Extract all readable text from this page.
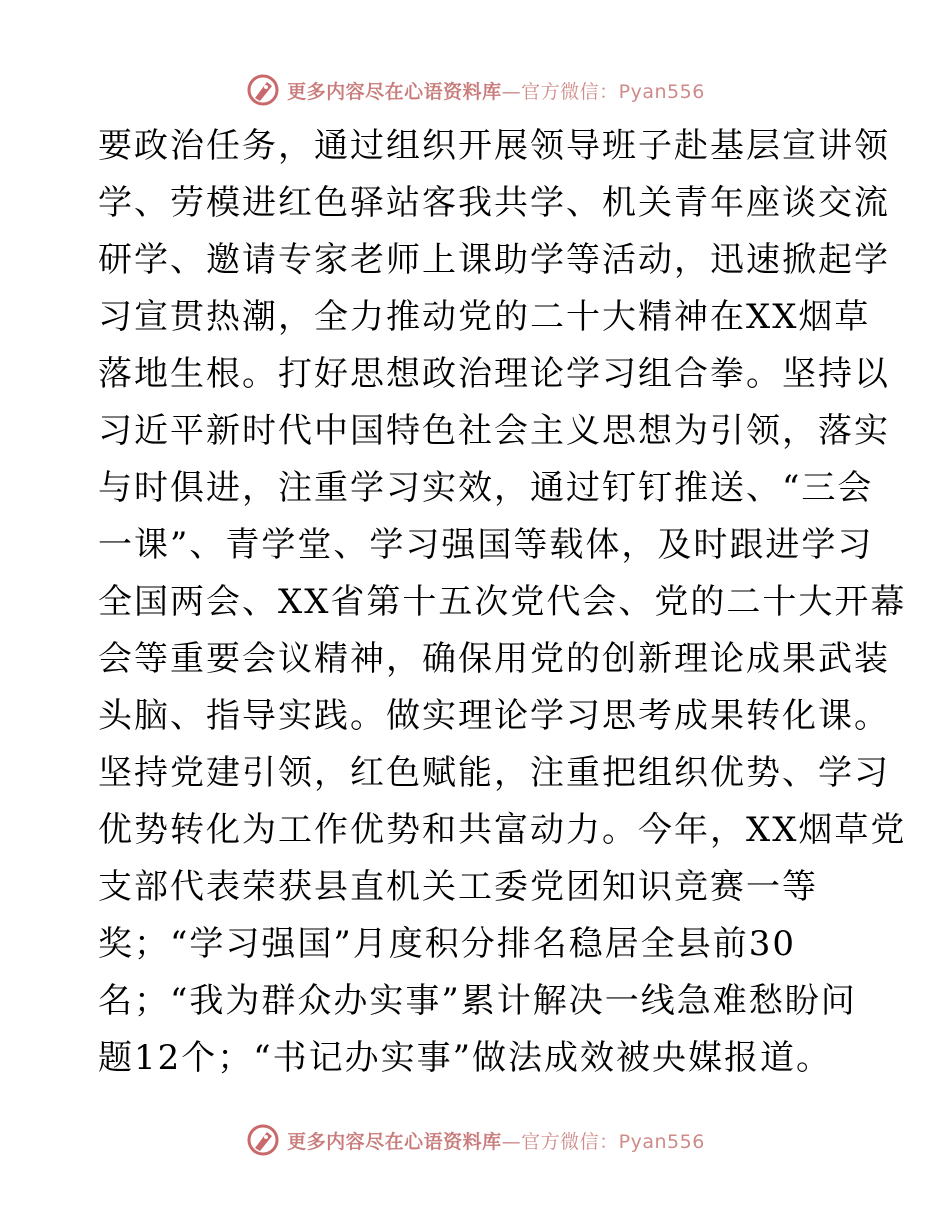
更多内容尽在心语资料库—官方微信：Pyan556
要政治任务，通过组织开展领导班子赴基层宣讲领
学、劳模进红色驿站客我共学、机关青年座谈交流
研学、邀请专家老师上课助学等活动，迅速掀起学
习宣贯热潮，全力推动党的二十大精神在XX烟草
落地生根。打好思想政治理论学习组合拳。坚持以
习近平新时代中国特色社会主义思想为引领，落实
与时俱进，注重学习实效，通过钉钉推送、“三会
一课”、青学堂、学习强国等载体，及时跟进学习
全国两会、XX省第十五次党代会、党的二十大开幕
会等重要会议精神，确保用党的创新理论成果武装
头脑、指导实践。做实理论学习思考成果转化课。
坚持党建引领，红色赋能，注重把组织优势、学习
优势转化为工作优势和共富动力。今年，XX烟草党
支部代表荣获县直机关工委党团知识竞赛一等
奖；“学习强国”月度积分排名稳居全县前30
名；“我为群众办实事”累计解决一线急难愁盼问
题12个；“书记办实事”做法成效被央媒报道。
更多内容尽在心语资料库—官方微信：Pyan556
